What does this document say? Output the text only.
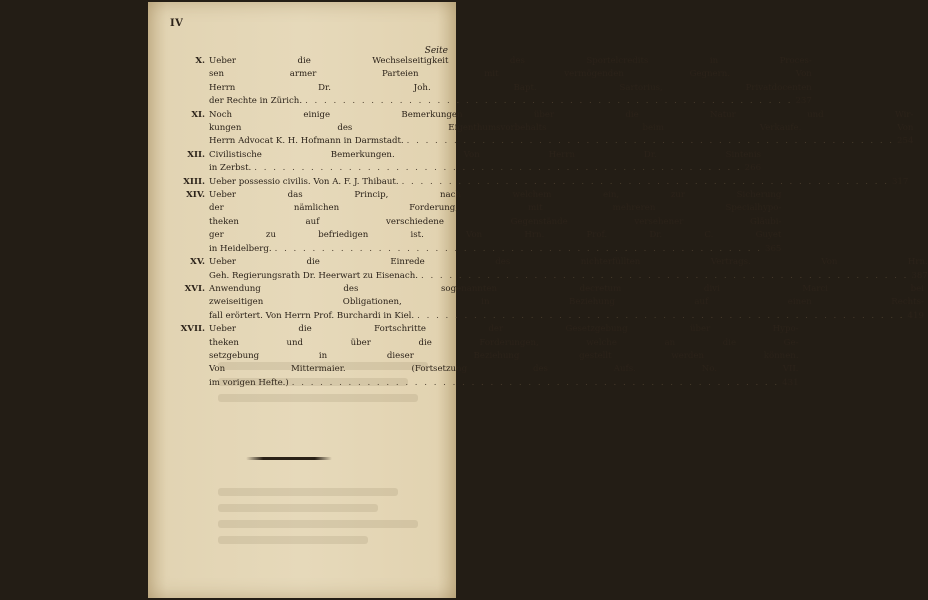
IV
Seite
X. Ueber die Wechselseitigkeit des Sportelcredits in Proces-
sen armer Parteien mit vermögenden Gegnern. Von
Herrn Dr. Joh. Bapt. Sartorius, Privatdocenten
der Rechte in Zürich. . . .	237
XI. Noch einige Bemerkungen über die Natur und Wir-
kungen des Eigenthumsvorbehalts beim Verkaufe. Von
Herrn Advocat K. H. Hofmann in Darmstadt. . . .	254
XII. Civilistische Bemerkungen. Von Herrn Dr. Sintenis
in Zerbst. . . .	266
XIII. Ueber possessio civilis. Von A. F. J. Thibaut. . . .	317
XIV. Ueber das Princip, nach welchem ein, zur Sicherung
der nämlichen Forderung, mit mehreren Specialhypo-
theken auf verschiedene Gegenstände versehener Gläubi-
ger zu befriedigen ist. Von Hrn. Prof. Dr. C. Guyet
in Heidelberg. . . .	365
XV. Ueber die Einrede des nichterfüllten Vertrags. Von Hrn.
Geh. Regierungsrath Dr. Heerwart zu Eisenach. . . .	387
XVI. Anwendung des sogenannten decretum divi Marci bei
zweiseitigen Obligationen, in Beziehung auf einen Rechts-
fall erörtert. Von Herrn Prof. Burchardi in Kiel. . . .	419
XVII. Ueber die Fortschritte der Gesetzgebung über Hypo-
theken und über die Forderungen, welche an die Ge-
setzgebung in dieser Beziehung gestellt werden können.
Von Mittermaier. (Fortsetzung des Aufs. No. VII.
im vorigen Hefte.) . . .	431
